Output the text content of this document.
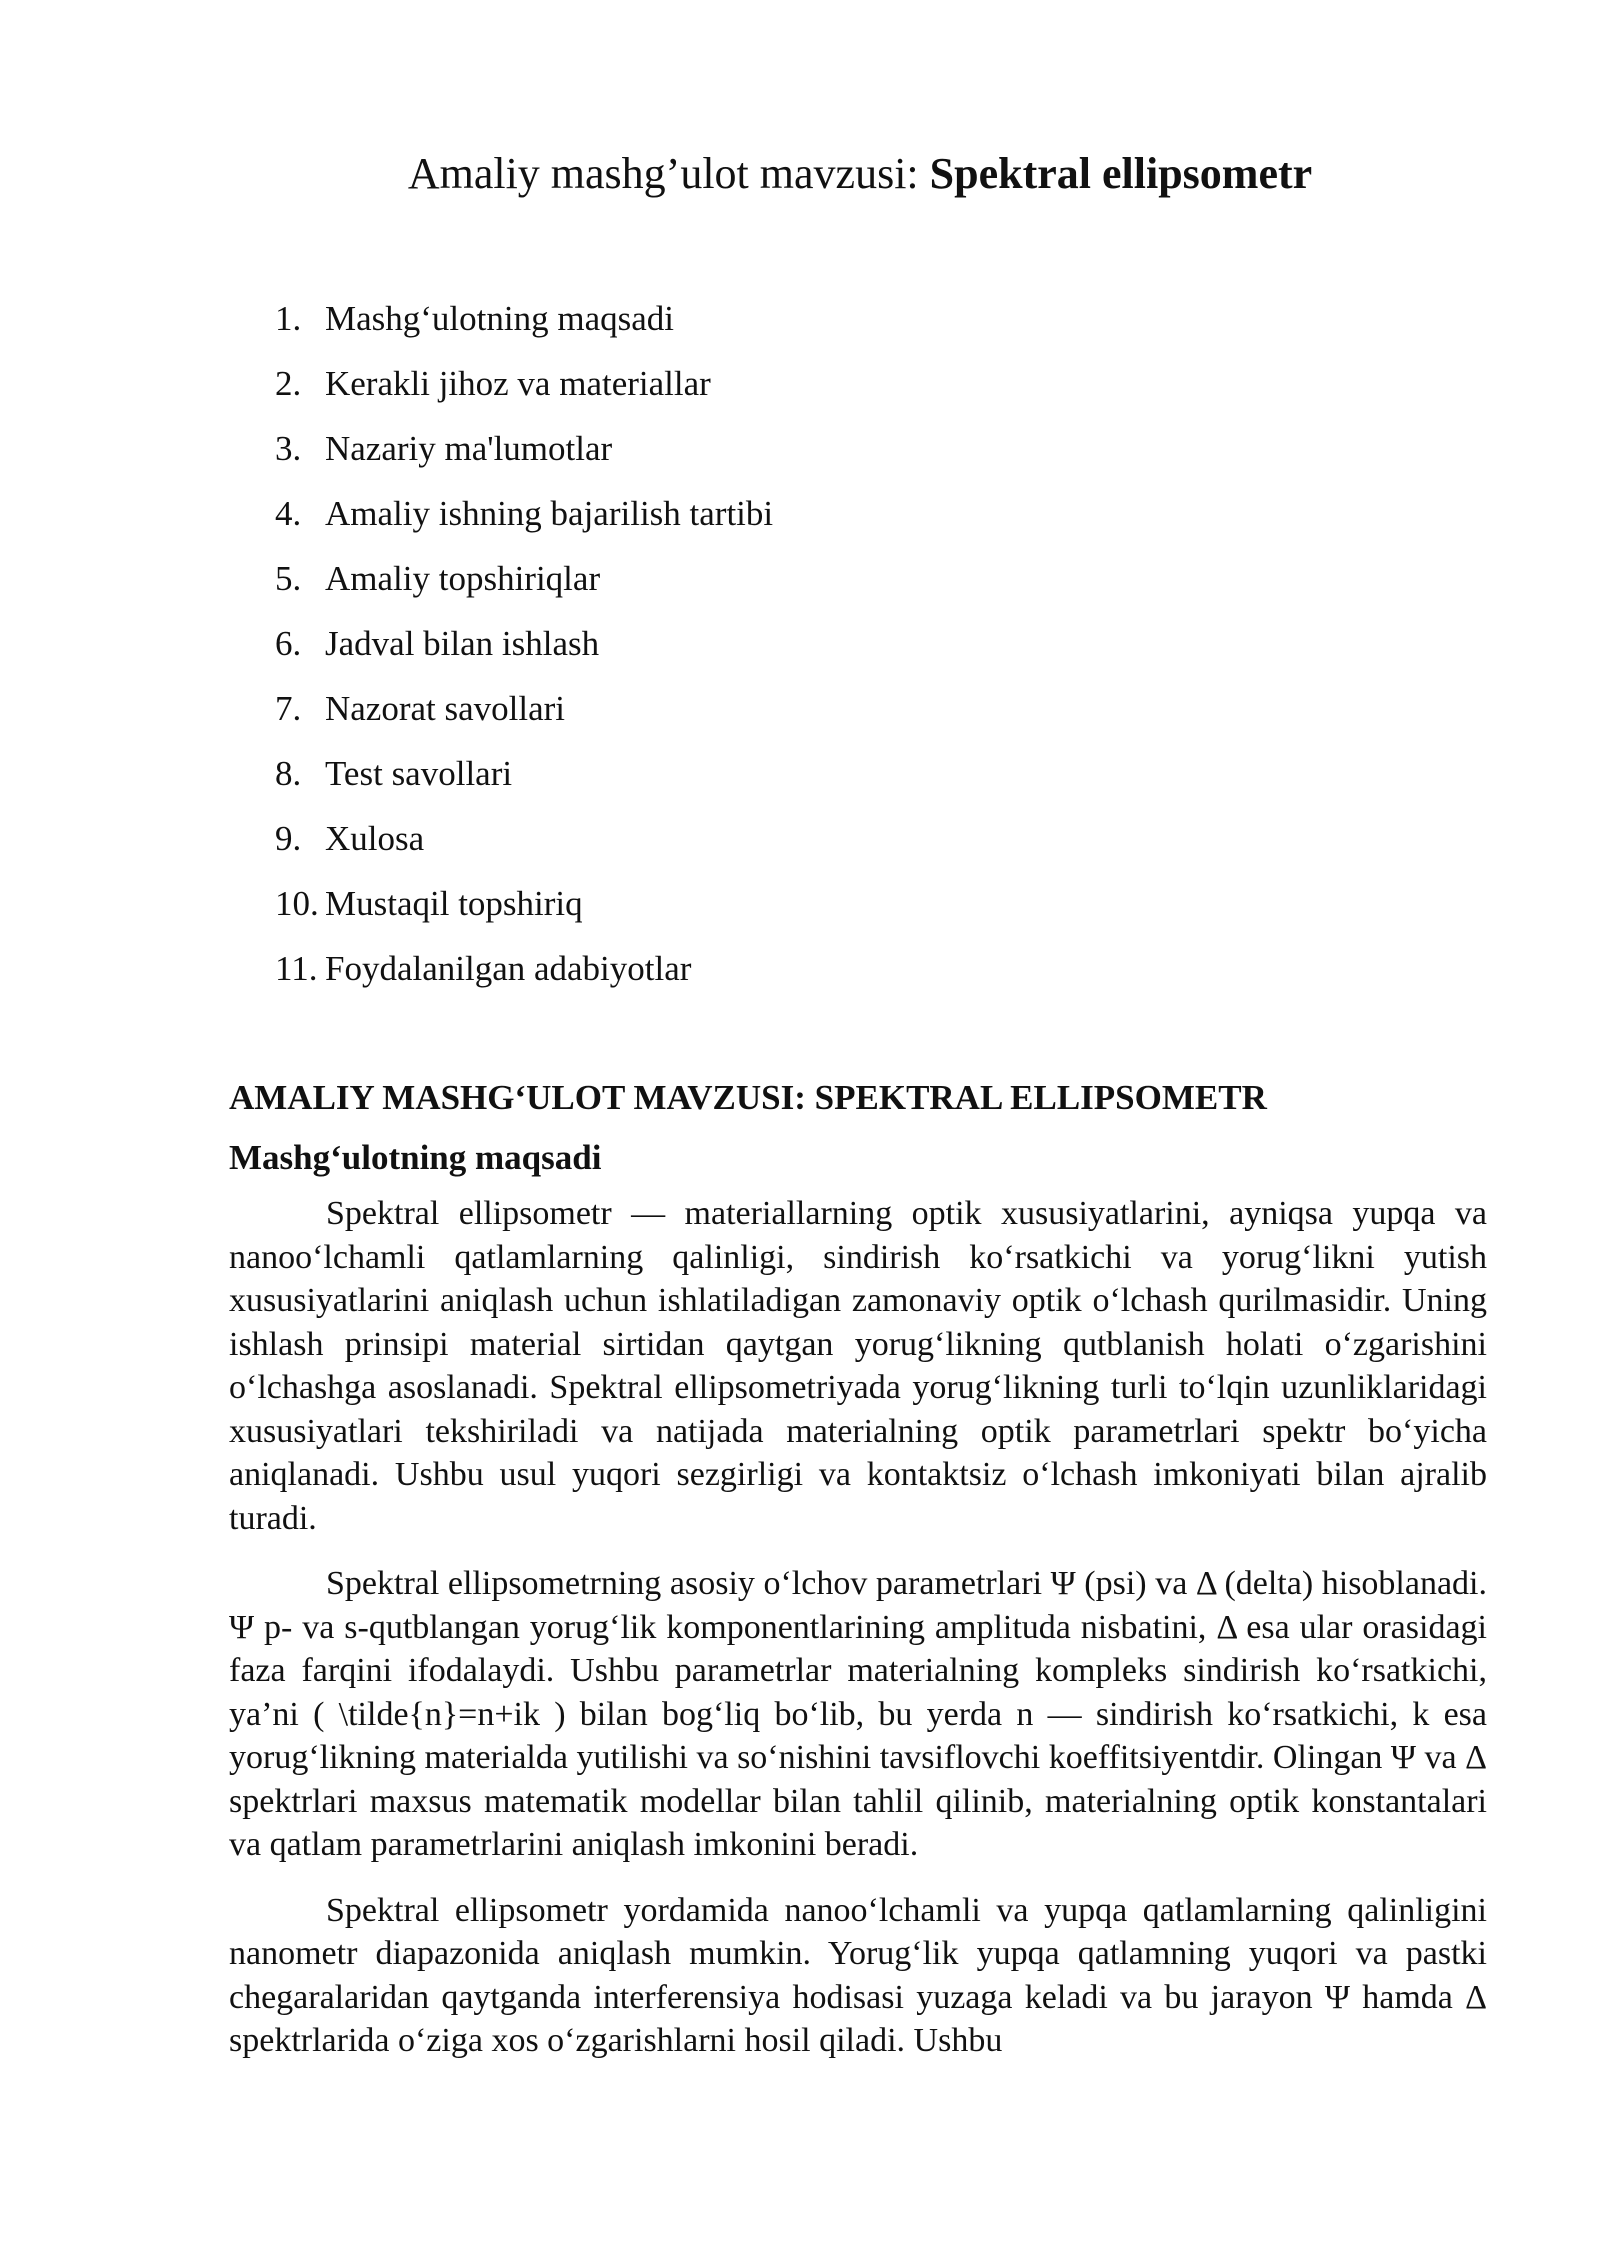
Amaliy mashg’ulot mavzusi: Spektral ellipsometr
1. Mashg‘ulotning maqsadi
2. Kerakli jihoz va materiallar
3. Nazariy ma'lumotlar
4. Amaliy ishning bajarilish tartibi
5. Amaliy topshiriqlar
6. Jadval bilan ishlash
7. Nazorat savollari
8. Test savollari
9. Xulosa
10. Mustaqil topshiriq
11. Foydalanilgan adabiyotlar
AMALIY MASHG‘ULOT MAVZUSI: SPEKTRAL ELLIPSOMETR
Mashg‘ulotning maqsadi

Spektral ellipsometr — materiallarning optik xususiyatlarini, ayniqsa yupqa va nanoo‘lchamli qatlamlarning qalinligi, sindirish ko‘rsatkichi va yorug‘likni yutish xususiyatlarini aniqlash uchun ishlatiladigan zamonaviy optik o‘lchash qurilmasidir. Uning ishlash prinsipi material sirtidan qaytgan yorug‘likning qutblanish holati o‘zgarishini o‘lchashga asoslanadi. Spektral ellipsometriyada yorug‘likning turli to‘lqin uzunliklaridagi xususiyatlari tekshiriladi va natijada materialning optik parametrlari spektr bo‘yicha aniqlanadi. Ushbu usul yuqori sezgirligi va kontaktsiz o‘lchash imkoniyati bilan ajralib turadi.

Spektral ellipsometrning asosiy o‘lchov parametrlari Ψ (psi) va Δ (delta) hisoblanadi. Ψ p- va s-qutblangan yorug‘lik komponentlarining amplituda nisbatini, Δ esa ular orasidagi faza farqini ifodalaydi. Ushbu parametrlar materialning kompleks sindirish ko‘rsatkichi, ya’ni ( \tilde{n}=n+ik ) bilan bog‘liq bo‘lib, bu yerda n — sindirish ko‘rsatkichi, k esa yorug‘likning materialda yutilishi va so‘nishini tavsiflovchi koeffitsiyentdir. Olingan Ψ va Δ spektrlari maxsus matematik modellar bilan tahlil qilinib, materialning optik konstantalari va qatlam parametrlarini aniqlash imkonini beradi.

Spektral ellipsometr yordamida nanoo‘lchamli va yupqa qatlamlarning qalinligini nanometr diapazonida aniqlash mumkin. Yorug‘lik yupqa qatlamning yuqori va pastki chegaralaridan qaytganda interferensiya hodisasi yuzaga keladi va bu jarayon Ψ hamda Δ spektrlarida o‘ziga xos o‘zgarishlarni hosil qiladi. Ushbu
